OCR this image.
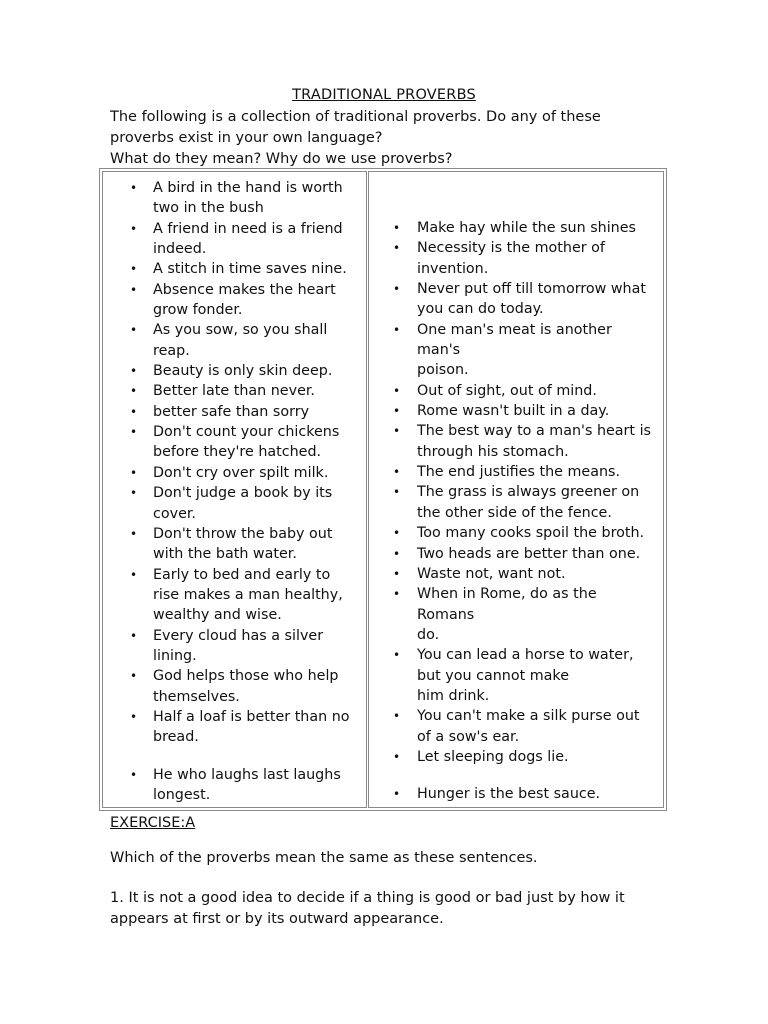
TRADITIONAL PROVERBS
The following is a collection of traditional proverbs. Do any of these
proverbs exist in your own language?
What do they mean? Why do we use proverbs?
• A bird in the hand is worth
two in the bush
• A friend in need is a friend
indeed.
• A stitch in time saves nine.
• Absence makes the heart
grow fonder.
• As you sow, so you shall
reap.
• Beauty is only skin deep.
• Better late than never.
• better safe than sorry
• Don't count your chickens
before they're hatched.
• Don't cry over spilt milk.
• Don't judge a book by its
cover.
• Don't throw the baby out
with the bath water.
• Early to bed and early to
rise makes a man healthy,
wealthy and wise.
• Every cloud has a silver
lining.
• God helps those who help
themselves.
• Half a loaf is better than no
bread.
• He who laughs last laughs
longest.
• Make hay while the sun shines
• Necessity is the mother of
invention.
• Never put off till tomorrow what
you can do today.
• One man's meat is another man's
poison.
• Out of sight, out of mind.
• Rome wasn't built in a day.
• The best way to a man's heart is
through his stomach.
• The end justifies the means.
• The grass is always greener on
the other side of the fence.
• Too many cooks spoil the broth.
• Two heads are better than one.
• Waste not, want not.
• When in Rome, do as the Romans
do.
• You can lead a horse to water,
but you cannot make
him drink.
• You can't make a silk purse out
of a sow's ear.
• Let sleeping dogs lie.
• Hunger is the best sauce.
EXERCISE:A
Which of the proverbs mean the same as these sentences.
1. It is not a good idea to decide if a thing is good or bad just by how it
appears at first or by its outward appearance.
